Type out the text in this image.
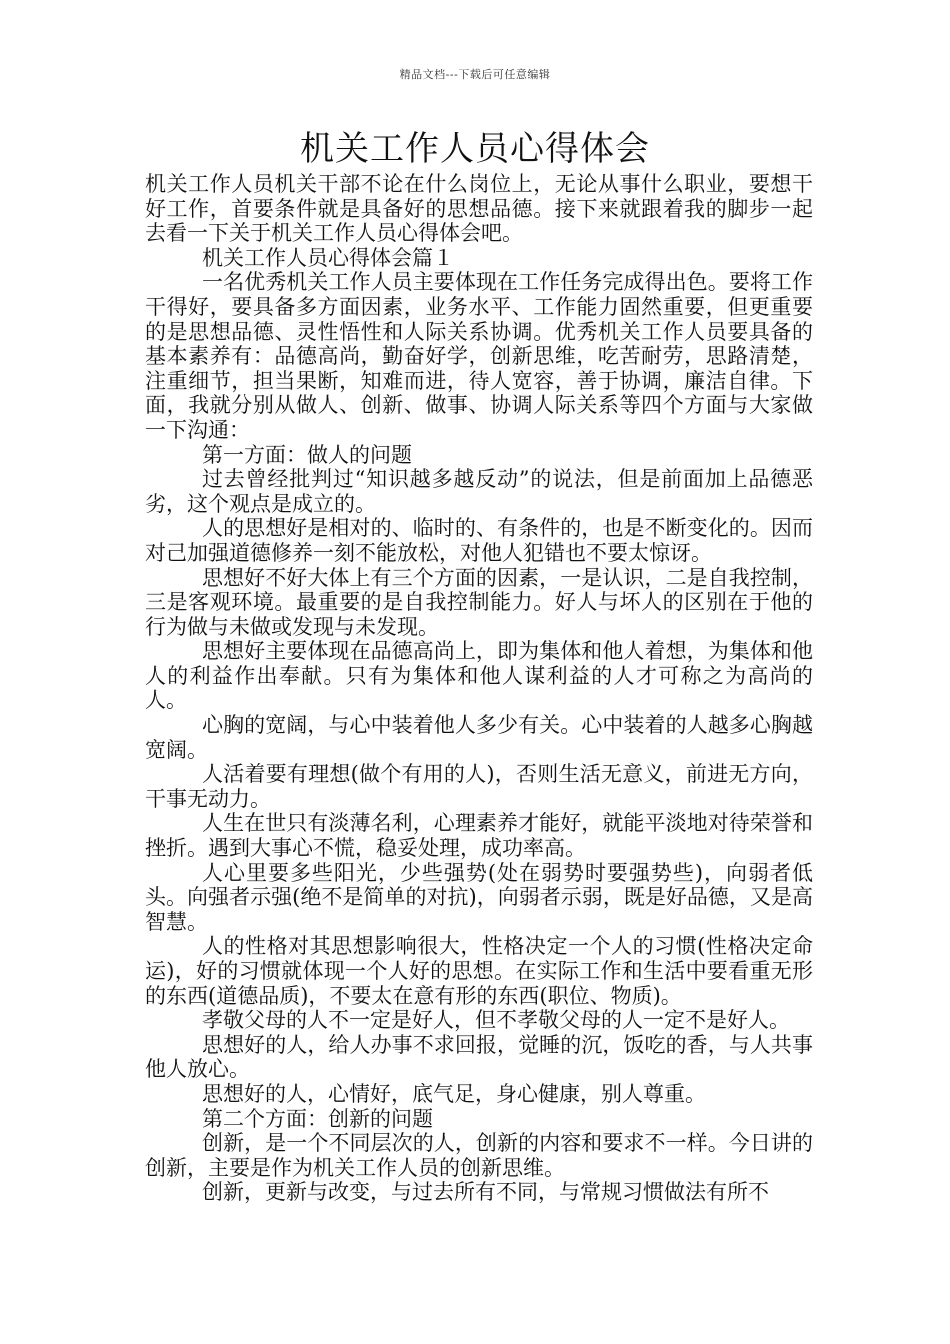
精品文档---下载后可任意编辑
机关工作人员心得体会

机关工作人员机关干部不论在什么岗位上，无论从事什么职业，要想干好工作，首要条件就是具备好的思想品德。接下来就跟着我的脚步一起去看一下关于机关工作人员心得体会吧。

机关工作人员心得体会篇１

一名优秀机关工作人员主要体现在工作任务完成得出色。要将工作干得好，要具备多方面因素，业务水平、工作能力固然重要，但更重要的是思想品德、灵性悟性和人际关系协调。优秀机关工作人员要具备的基本素养有：品德高尚，勤奋好学，创新思维，吃苦耐劳，思路清楚，注重细节，担当果断，知难而进，待人宽容，善于协调，廉洁自律。下面，我就分别从做人、创新、做事、协调人际关系等四个方面与大家做一下沟通：

第一方面：做人的问题

过去曾经批判过“知识越多越反动”的说法，但是前面加上品德恶劣，这个观点是成立的。

人的思想好是相对的、临时的、有条件的，也是不断变化的。因而对己加强道德修养一刻不能放松，对他人犯错也不要太惊讶。

思想好不好大体上有三个方面的因素，一是认识，二是自我控制，三是客观环境。最重要的是自我控制能力。好人与坏人的区别在于他的行为做与未做或发现与未发现。

思想好主要体现在品德高尚上，即为集体和他人着想，为集体和他人的利益作出奉献。只有为集体和他人谋利益的人才可称之为高尚的人。

心胸的宽阔，与心中装着他人多少有关。心中装着的人越多心胸越宽阔。

人活着要有理想(做个有用的人)，否则生活无意义，前进无方向，干事无动力。

人生在世只有淡薄名利，心理素养才能好，就能平淡地对待荣誉和挫折。遇到大事心不慌，稳妥处理，成功率高。

人心里要多些阳光，少些强势(处在弱势时要强势些)，向弱者低头。向强者示强(绝不是简单的对抗)，向弱者示弱，既是好品德，又是高智慧。

人的性格对其思想影响很大，性格决定一个人的习惯(性格决定命运)，好的习惯就体现一个人好的思想。在实际工作和生活中要看重无形的东西(道德品质)，不要太在意有形的东西(职位、物质)。

孝敬父母的人不一定是好人，但不孝敬父母的人一定不是好人。

思想好的人，给人办事不求回报，觉睡的沉，饭吃的香，与人共事他人放心。

思想好的人，心情好，底气足，身心健康，别人尊重。

第二个方面：创新的问题

创新，是一个不同层次的人，创新的内容和要求不一样。今日讲的创新，主要是作为机关工作人员的创新思维。

创新，更新与改变，与过去所有不同，与常规习惯做法有所不
